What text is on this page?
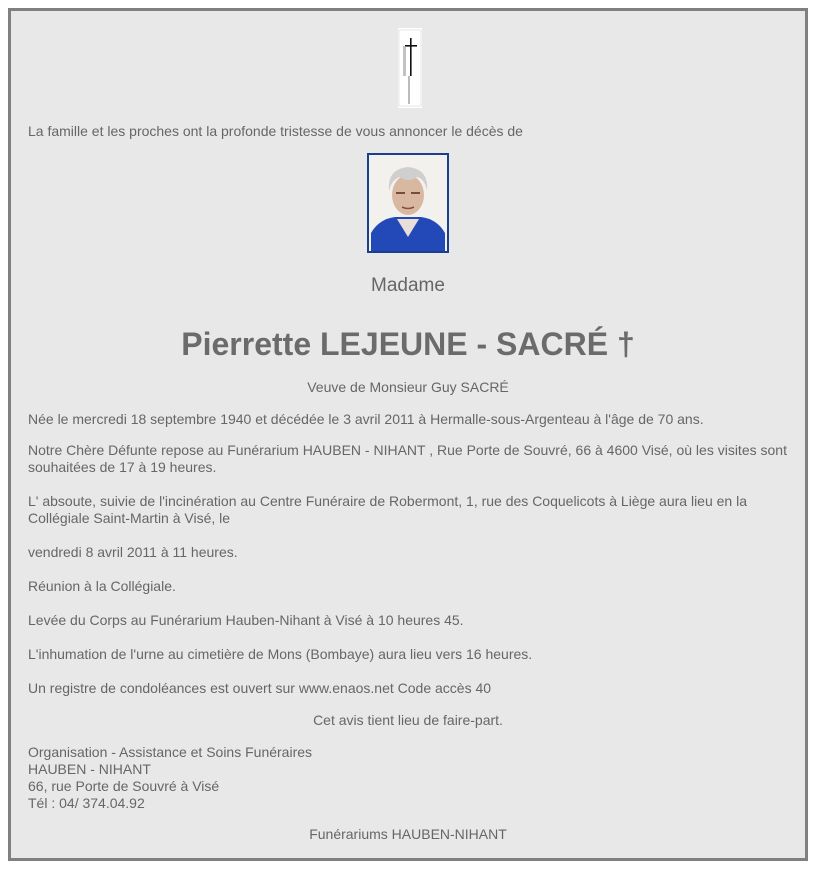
La famille et les proches ont la profonde tristesse de vous annoncer le décès de
Madame
Pierrette LEJEUNE - SACRÉ †
Veuve de Monsieur Guy SACRÉ
Née le mercredi 18 septembre 1940 et décédée le 3 avril 2011 à Hermalle-sous-Argenteau à l'âge de 70 ans.
Notre Chère Défunte repose au Funérarium HAUBEN - NIHANT , Rue Porte de Souvré, 66 à 4600 Visé, où les visites sont souhaitées de 17 à 19 heures.
L' absoute, suivie de l'incinération au Centre Funéraire de Robermont, 1, rue des Coquelicots à Liège aura lieu en la Collégiale Saint-Martin à Visé, le
vendredi 8 avril 2011 à 11 heures.
Réunion à la Collégiale.
Levée du Corps au Funérarium Hauben-Nihant à Visé à 10 heures 45.
L'inhumation de l'urne au cimetière de Mons (Bombaye) aura lieu vers 16 heures.
Un registre de condoléances est ouvert sur www.enaos.net Code accès 40
Cet avis tient lieu de faire-part.
Organisation - Assistance et Soins Funéraires
HAUBEN - NIHANT
66, rue Porte de Souvré à Visé
Tél : 04/ 374.04.92
Funérariums HAUBEN-NIHANT
